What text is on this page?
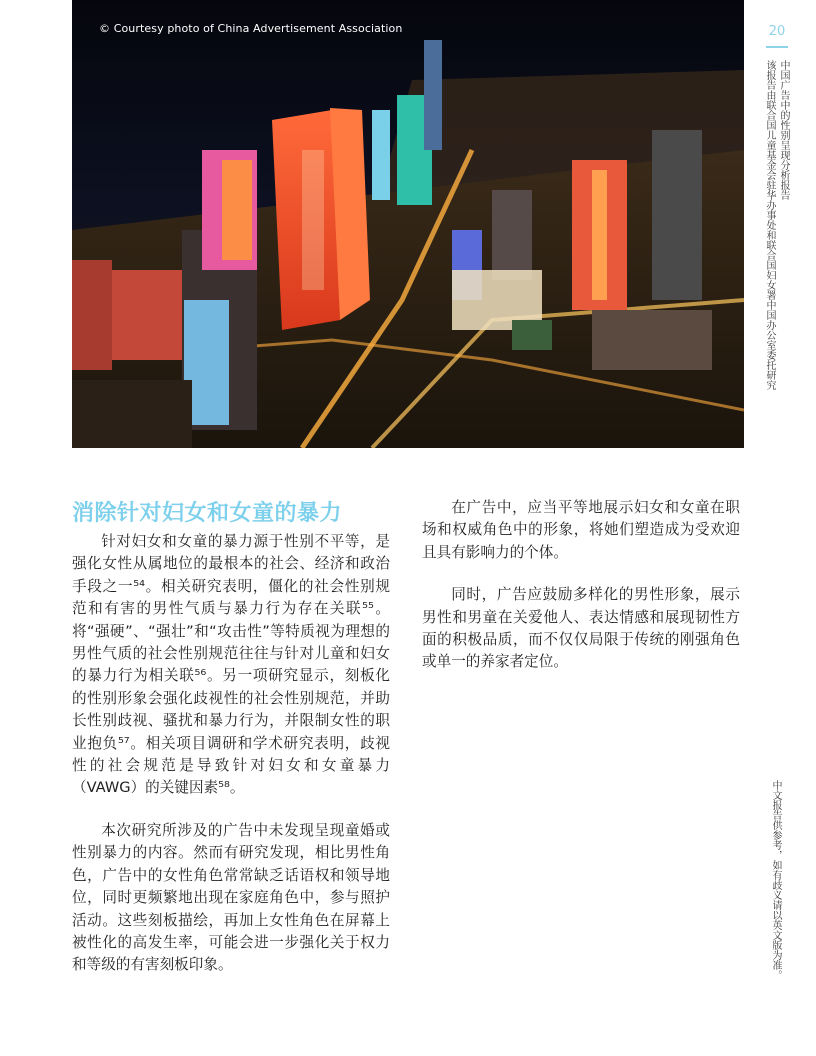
© Courtesy photo of China Advertisement Association	20
中国广告中的性别呈现分析报告
该报告由联合国儿童基金会驻华办事处和联合国妇女署中国办公室委托研究
中文报告供参考，如有歧义请以英文版为准。
消除针对妇女和女童的暴力

针对妇女和女童的暴力源于性别不平等，是强化女性从属地位的最根本的社会、经济和政治手段之一⁵⁴。相关研究表明，僵化的社会性别规范和有害的男性气质与暴力行为存在关联⁵⁵。将“强硬”、“强壮”和“攻击性”等特质视为理想的男性气质的社会性别规范往往与针对儿童和妇女的暴力行为相关联⁵⁶。另一项研究显示，刻板化的性别形象会强化歧视性的社会性别规范，并助长性别歧视、骚扰和暴力行为，并限制女性的职业抱负⁵⁷。相关项目调研和学术研究表明，歧视性的社会规范是导致针对妇女和女童暴力（VAWG）的关键因素⁵⁸。

本次研究所涉及的广告中未发现呈现童婚或性别暴力的内容。然而有研究发现，相比男性角色，广告中的女性角色常常缺乏话语权和领导地位，同时更频繁地出现在家庭角色中，参与照护活动。这些刻板描绘，再加上女性角色在屏幕上被性化的高发生率，可能会进一步强化关于权力和等级的有害刻板印象。

在广告中，应当平等地展示妇女和女童在职场和权威角色中的形象，将她们塑造成为受欢迎且具有影响力的个体。

同时，广告应鼓励多样化的男性形象，展示男性和男童在关爱他人、表达情感和展现韧性方面的积极品质，而不仅仅局限于传统的刚强角色或单一的养家者定位。
